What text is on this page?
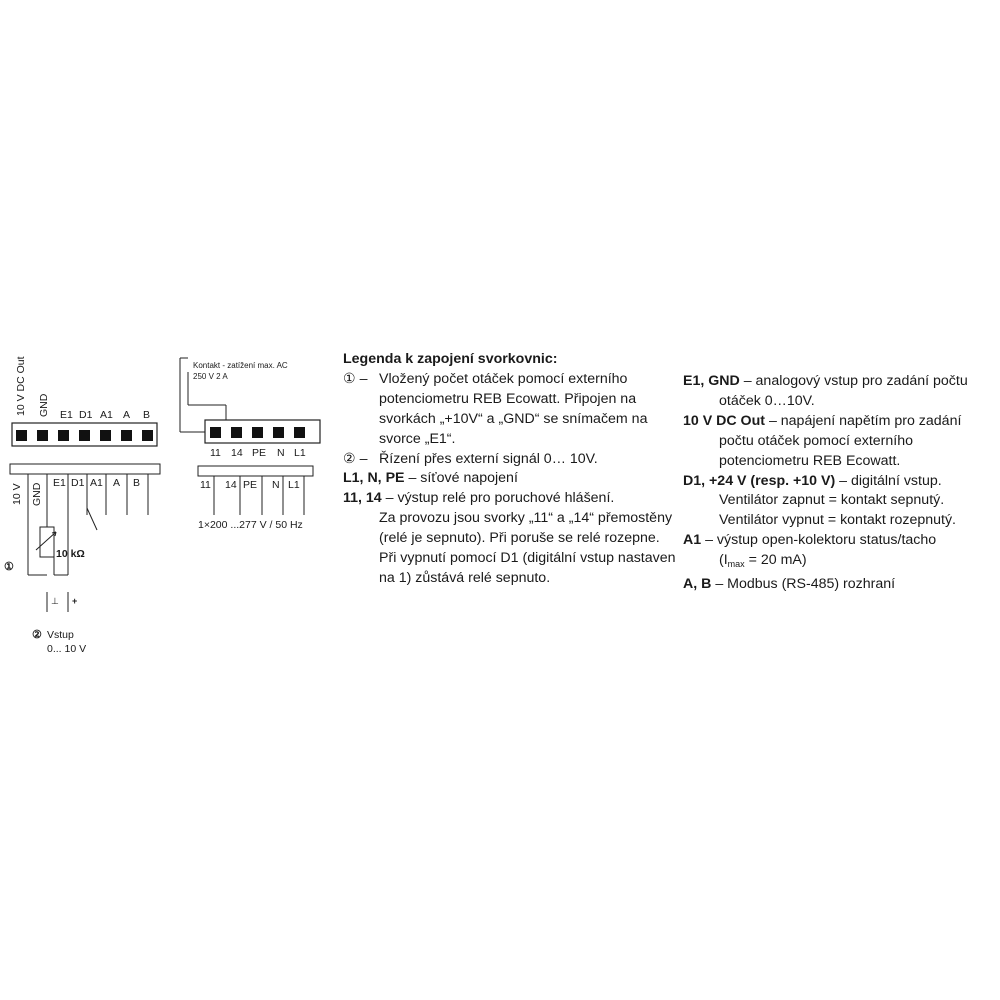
10 V DC Out GND E1 D1 A1 A B
10 V GND E1 D1 A1 A B
10 kΩ
①
⊥ +
② Vstup
0... 10 V
Kontakt - zatížení max. AC
250 V 2 A
11 14 PE N L1
11 14 PE N L1
1×200 ...277 V / 50 Hz
Legenda k zapojení svorkovnic:
① – Vložený počet otáček pomocí externího potenciometru REB Ecowatt. Připojen na svorkách „+10V“ a „GND“ se snímačem na svorce „E1“.
② – Řízení přes externí signál 0… 10V.
L1, N, PE – síťové napojení
11, 14 – výstup relé pro poruchové hlášení.
Za provozu jsou svorky „11“ a „14“ přemostěny (relé je sepnuto). Při poruše se relé rozepne. Při vypnutí pomocí D1 (digitální vstup nastaven na 1) zůstává relé sepnuto.
E1, GND – analogový vstup pro zadání počtu
otáček 0…10V.
10 V DC Out – napájení napětím pro zadání
počtu otáček pomocí externího potenciometru REB Ecowatt.
D1, +24 V (resp. +10 V) – digitální vstup.
Ventilátor zapnut = kontakt sepnutý. Ventilátor vypnut = kontakt rozepnutý.
A1 – výstup open-kolektoru status/tacho
($I_{max} = 20$ mA)
A, B – Modbus (RS-485) rozhraní
